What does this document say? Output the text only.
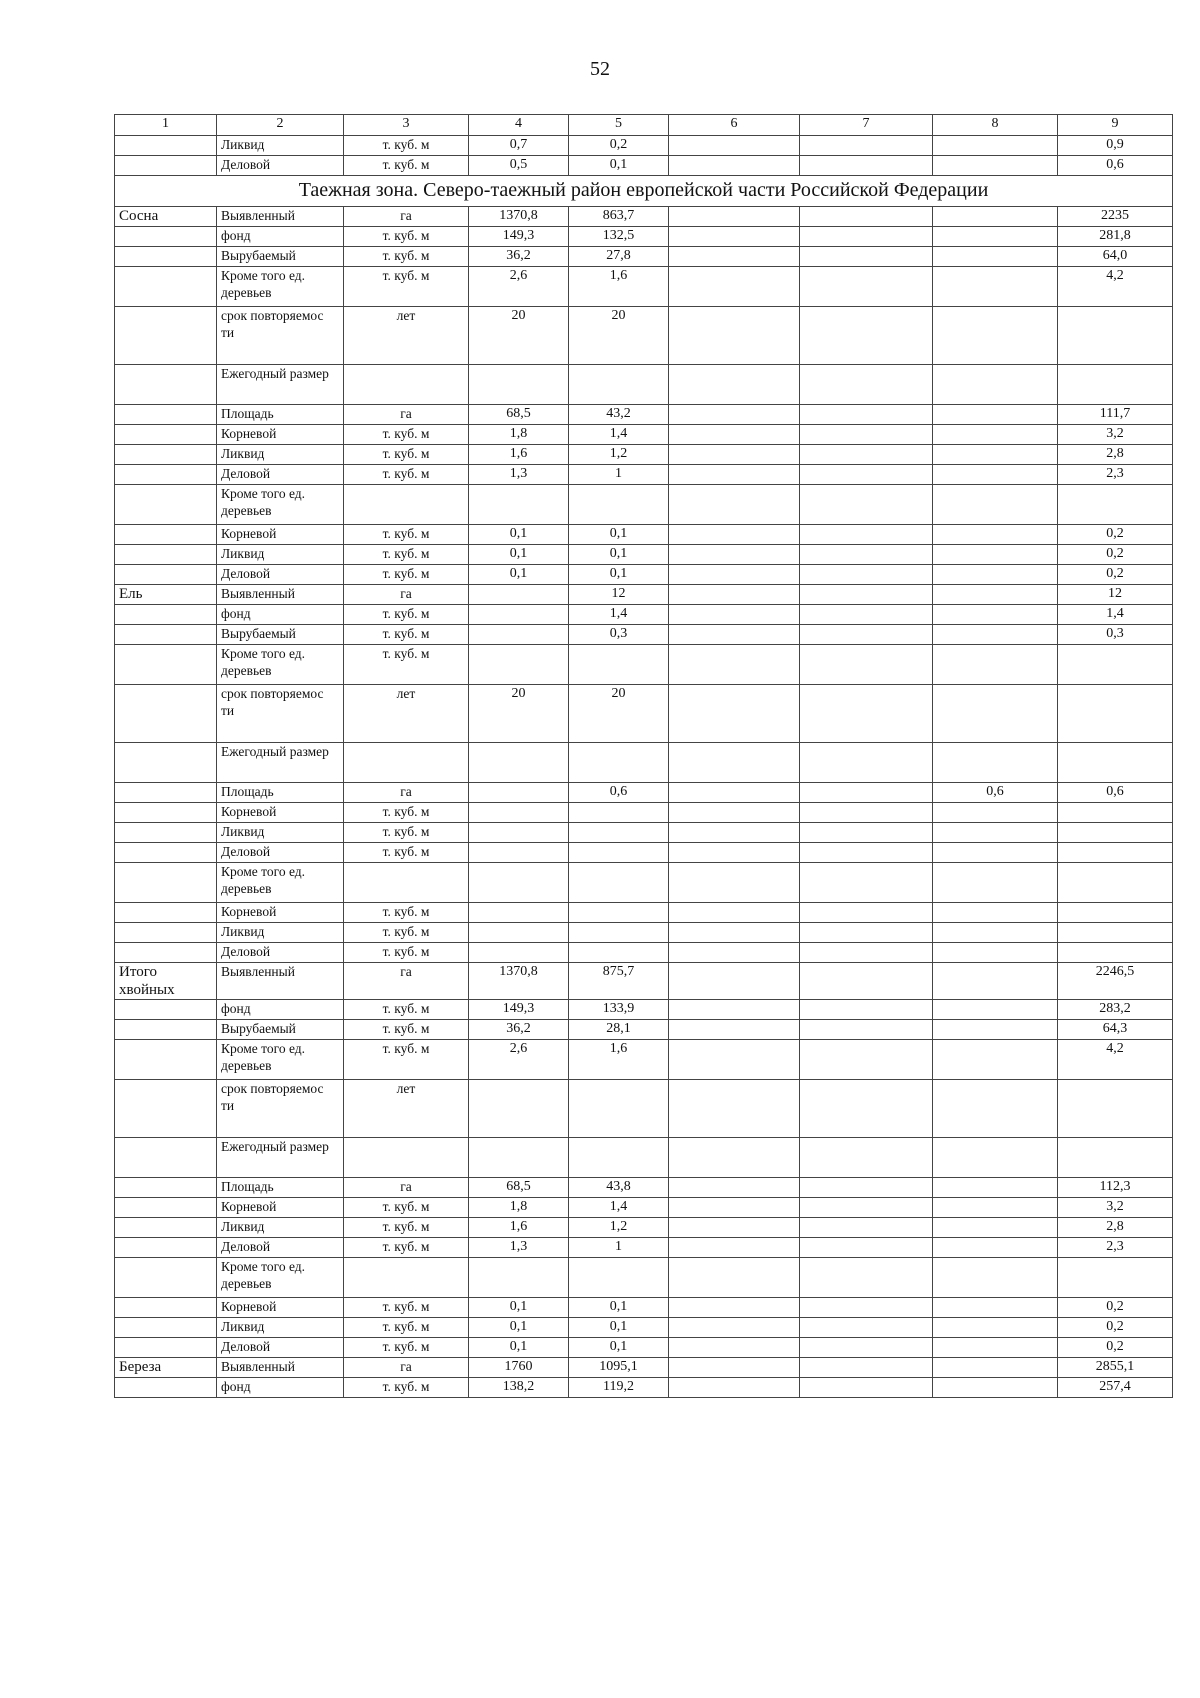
52
1	2	3	4	5	6	7	8	9
	Ликвид	т. куб. м	0,7	0,2				0,9
	Деловой	т. куб. м	0,5	0,1				0,6
Таежная зона. Северо-таежный район европейской части Российской Федерации								
Сосна	Выявленный	га	1370,8	863,7				2235
	фонд	т. куб. м	149,3	132,5				281,8
	Вырубаемый	т. куб. м	36,2	27,8				64,0
	Кроме того ед. деревьев	т. куб. м	2,6	1,6				4,2
	срок повторяемос ти	лет	20	20				
	Ежегодный размер							
	Площадь	га	68,5	43,2				111,7
	Корневой	т. куб. м	1,8	1,4				3,2
	Ликвид	т. куб. м	1,6	1,2				2,8
	Деловой	т. куб. м	1,3	1				2,3
	Кроме того ед. деревьев							
	Корневой	т. куб. м	0,1	0,1				0,2
	Ликвид	т. куб. м	0,1	0,1				0,2
	Деловой	т. куб. м	0,1	0,1				0,2
Ель	Выявленный	га		12				12
	фонд	т. куб. м		1,4				1,4
	Вырубаемый	т. куб. м		0,3				0,3
	Кроме того ед. деревьев	т. куб. м						
	срок повторяемос ти	лет	20	20				
	Ежегодный размер							
	Площадь	га		0,6			0,6	0,6
	Корневой	т. куб. м						
	Ликвид	т. куб. м						
	Деловой	т. куб. м						
	Кроме того ед. деревьев							
	Корневой	т. куб. м						
	Ликвид	т. куб. м						
	Деловой	т. куб. м						
Итого хвойных	Выявленный	га	1370,8	875,7				2246,5
	фонд	т. куб. м	149,3	133,9				283,2
	Вырубаемый	т. куб. м	36,2	28,1				64,3
	Кроме того ед. деревьев	т. куб. м	2,6	1,6				4,2
	срок повторяемос ти	лет						
	Ежегодный размер							
	Площадь	га	68,5	43,8				112,3
	Корневой	т. куб. м	1,8	1,4				3,2
	Ликвид	т. куб. м	1,6	1,2				2,8
	Деловой	т. куб. м	1,3	1				2,3
	Кроме того ед. деревьев							
	Корневой	т. куб. м	0,1	0,1				0,2
	Ликвид	т. куб. м	0,1	0,1				0,2
	Деловой	т. куб. м	0,1	0,1				0,2
Береза	Выявленный	га	1760	1095,1				2855,1
	фонд	т. куб. м	138,2	119,2				257,4
